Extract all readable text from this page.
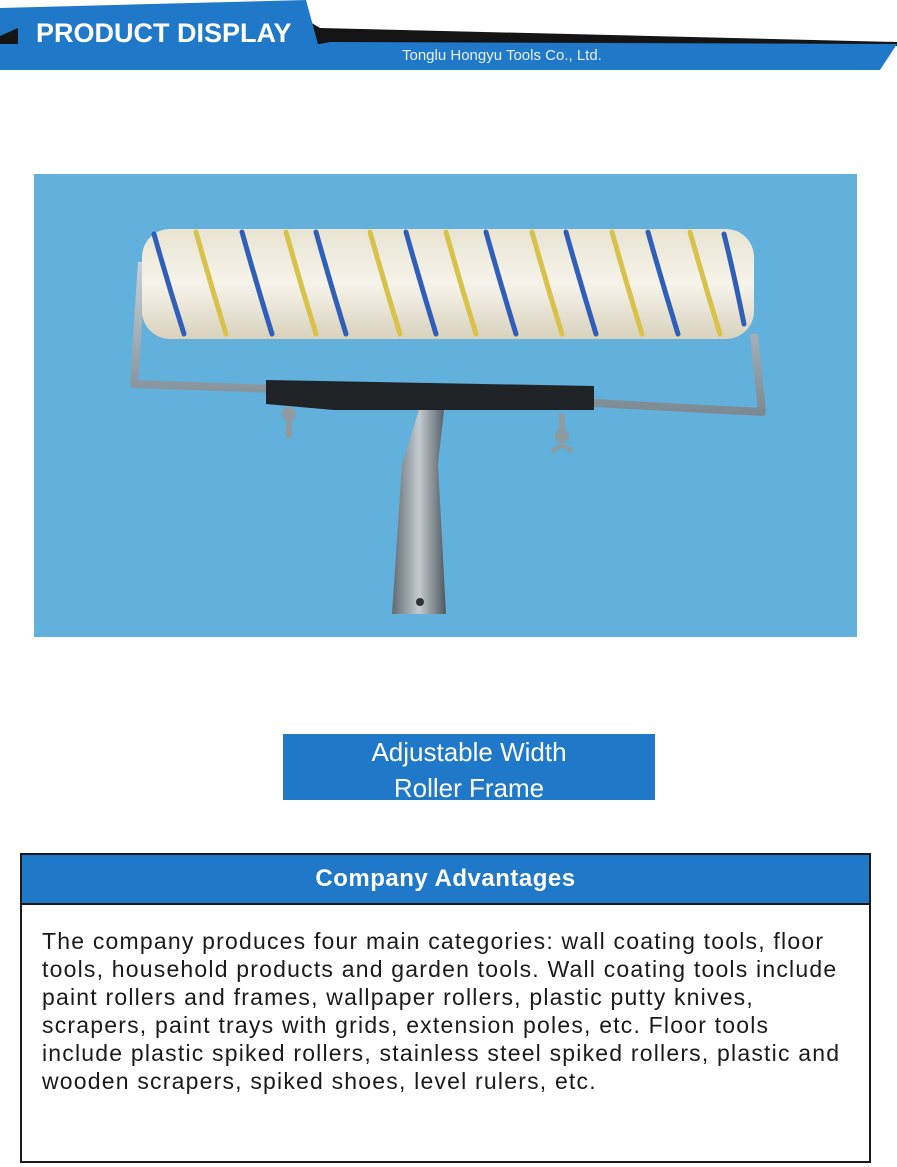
PRODUCT DISPLAY
Tonglu Hongyu Tools Co., Ltd.
Adjustable Width
Roller Frame
Company Advantages
The company produces four main categories: wall coating tools, floor tools, household products and garden tools. Wall coating tools include paint rollers and frames, wallpaper rollers, plastic putty knives, scrapers, paint trays with grids, extension poles, etc. Floor tools include plastic spiked rollers, stainless steel spiked rollers, plastic and wooden scrapers, spiked shoes, level rulers, etc.
